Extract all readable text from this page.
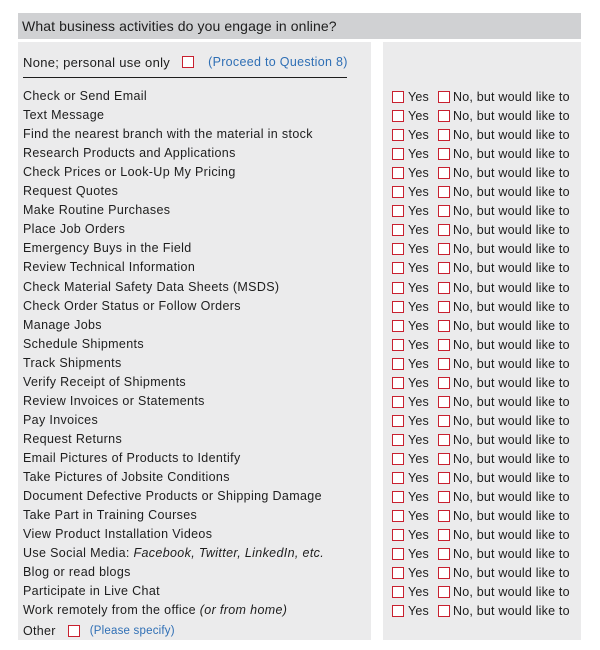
What business activities do you engage in online?
None; personal use only	(Proceed to Question 8)
Check or Send Email	Yes	No, but would like to
Text Message	Yes	No, but would like to
Find the nearest branch with the material in stock	Yes	No, but would like to
Research Products and Applications	Yes	No, but would like to
Check Prices or Look-Up My Pricing	Yes	No, but would like to
Request Quotes	Yes	No, but would like to
Make Routine Purchases	Yes	No, but would like to
Place Job Orders	Yes	No, but would like to
Emergency Buys in the Field	Yes	No, but would like to
Review Technical Information	Yes	No, but would like to
Check Material Safety Data Sheets (MSDS)	Yes	No, but would like to
Check Order Status or Follow Orders	Yes	No, but would like to
Manage Jobs	Yes	No, but would like to
Schedule Shipments	Yes	No, but would like to
Track Shipments	Yes	No, but would like to
Verify Receipt of Shipments	Yes	No, but would like to
Review Invoices or Statements	Yes	No, but would like to
Pay Invoices	Yes	No, but would like to
Request Returns	Yes	No, but would like to
Email Pictures of Products to Identify	Yes	No, but would like to
Take Pictures of Jobsite Conditions	Yes	No, but would like to
Document Defective Products or Shipping Damage	Yes	No, but would like to
Take Part in Training Courses	Yes	No, but would like to
View Product Installation Videos	Yes	No, but would like to
Use Social Media: Facebook, Twitter, LinkedIn, etc.	Yes	No, but would like to
Blog or read blogs	Yes	No, but would like to
Participate in Live Chat	Yes	No, but would like to
Work remotely from the office (or from home)	Yes	No, but would like to
Other	(Please specify)
